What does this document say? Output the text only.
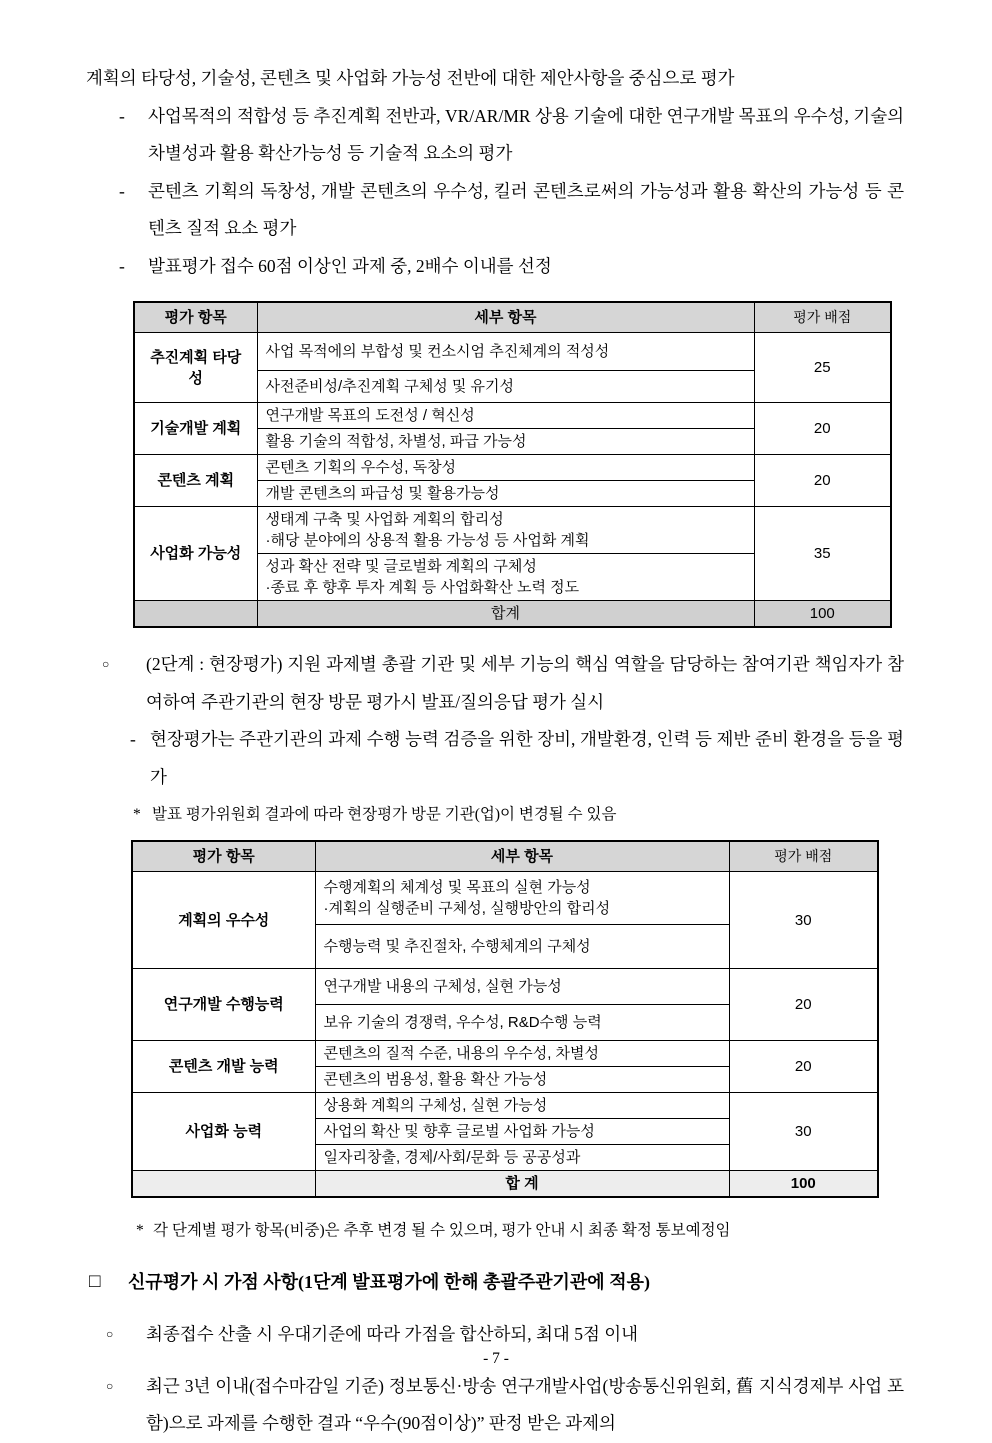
계획의 타당성, 기술성, 콘텐츠 및 사업화 가능성 전반에 대한 제안사항을 중심으로 평가

-	사업목적의 적합성 등 추진계획 전반과, VR/AR/MR 상용 기술에 대한 연구개발 목표의 우수성, 기술의 차별성과 활용 확산가능성 등 기술적 요소의 평가
-	콘텐츠 기획의 독창성, 개발 콘텐츠의 우수성, 킬러 콘텐츠로써의 가능성과 활용 확산의 가능성 등 콘텐츠 질적 요소 평가
-	발표평가 접수 60점 이상인 과제 중, 2배수 이내를 선정
평가 항목	세부 항목	평가 배점
추진계획 타당성	사업 목적에의 부합성 및 컨소시엄 추진체계의 적성성	25

	사전준비성/추진계획 구체성 및 유기성	

기술개발 계획	연구개발 목표의 도전성 / 혁신성	20

	활용 기술의 적합성, 차별성, 파급 가능성	

콘텐츠 계획	콘텐츠 기획의 우수성, 독창성	20

	개발 콘텐츠의 파급성 및 활용가능성	

사업화 가능성	생태계 구축 및 사업화 계획의 합리성
·해당 분야에의 상용적 활용 가능성 등 사업화 계획	35

	성과 확산 전략 및 글로벌화 계획의 구체성
·종료 후 향후 투자 계획 등 사업화확산 노력 정도	

	합계	100
○	(2단계 : 현장평가) 지원 과제별 총괄 기관 및 세부 기능의 핵심 역할을 담당하는 참여기관 책임자가 참여하여 주관기관의 현장 방문 평가시 발표/질의응답 평가 실시
- 현장평가는 주관기관의 과제 수행 능력 검증을 위한 장비, 개발환경, 인력 등 제반 준비 환경을 등을 평가
* 발표 평가위원회 결과에 따라 현장평가 방문 기관(업)이 변경될 수 있음
평가 항목	세부 항목	평가 배점
계획의 우수성	수행계획의 체계성 및 목표의 실현 가능성
·계획의 실행준비 구체성, 실행방안의 합리성	30

	수행능력 및 추진절차, 수행체계의 구체성	

연구개발 수행능력	연구개발 내용의 구체성, 실현 가능성	20

	보유 기술의 경쟁력, 우수성, R&D수행 능력	

콘텐츠 개발 능력	콘텐츠의 질적 수준, 내용의 우수성, 차별성	20

	콘텐츠의 범용성, 활용 확산 가능성	

사업화 능력	상용화 계획의 구체성, 실현 가능성	30

	사업의 확산 및 향후 글로벌 사업화 가능성	

	일자리창출, 경제/사회/문화 등 공공성과	

	합 계	100
* 각 단계별 평가 항목(비중)은 추후 변경 될 수 있으며, 평가 안내 시 최종 확정 통보예정임
□	신규평가 시 가점 사항(1단계 발표평가에 한해 총괄주관기관에 적용)
○	최종접수 산출 시 우대기준에 따라 가점을 합산하되, 최대 5점 이내
○	최근 3년 이내(접수마감일 기준) 정보통신·방송 연구개발사업(방송통신위원회, 舊 지식경제부 사업 포함)으로 과제를 수행한 결과 “우수(90점이상)” 판정 받은 과제의
- 7 -
